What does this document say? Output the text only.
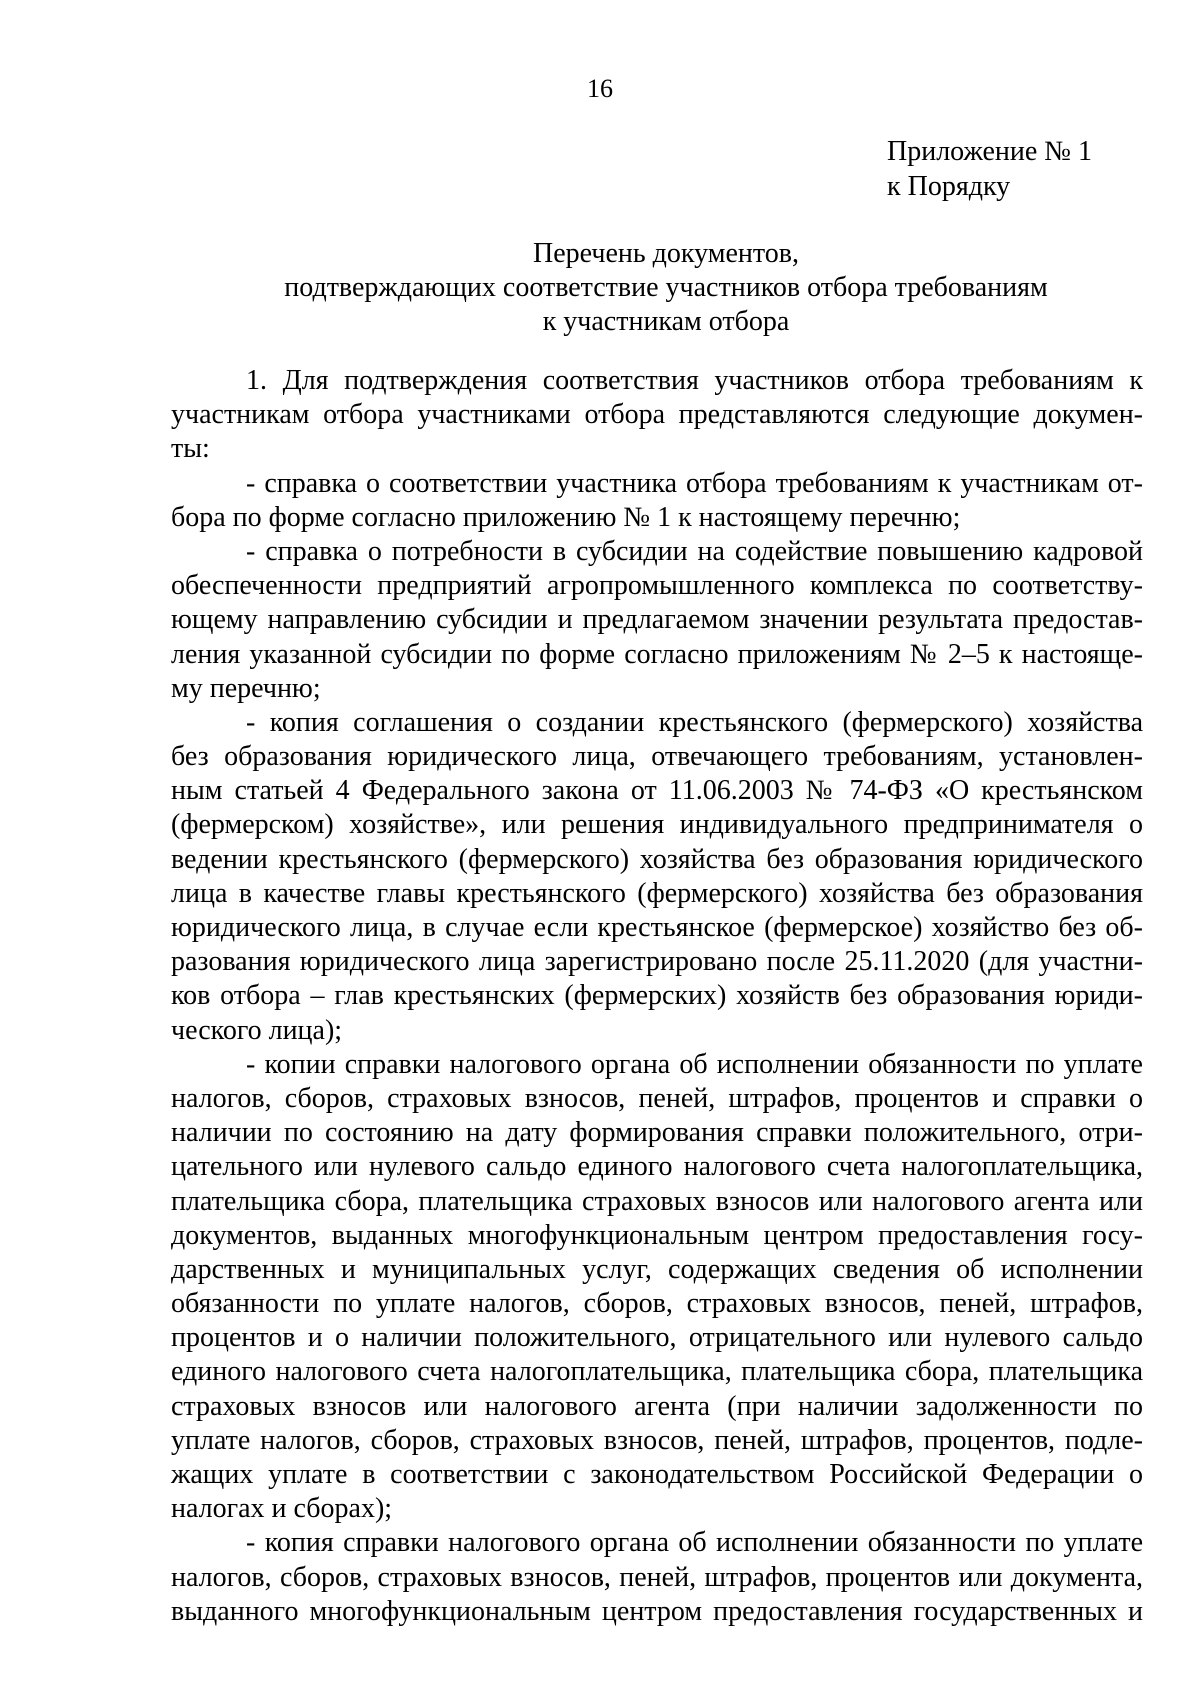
16
Приложение № 1
к Порядку
Перечень документов,
подтверждающих соответствие участников отбора требованиям
к участникам отбора
1. Для подтверждения соответствия участников отбора требованиям к
участникам отбора участниками отбора представляются следующие докумен-
ты:
- справка о соответствии участника отбора требованиям к участникам от-
бора по форме согласно приложению № 1 к настоящему перечню;
- справка о потребности в субсидии на содействие повышению кадровой
обеспеченности предприятий агропромышленного комплекса по соответству-
ющему направлению субсидии и предлагаемом значении результата предостав-
ления указанной субсидии по форме согласно приложениям № 2–5 к настояще-
му перечню;
- копия соглашения о создании крестьянского (фермерского) хозяйства
без образования юридического лица, отвечающего требованиям, установлен-
ным статьей 4 Федерального закона от 11.06.2003 № 74-ФЗ «О крестьянском
(фермерском) хозяйстве», или решения индивидуального предпринимателя о
ведении крестьянского (фермерского) хозяйства без образования юридического
лица в качестве главы крестьянского (фермерского) хозяйства без образования
юридического лица, в случае если крестьянское (фермерское) хозяйство без об-
разования юридического лица зарегистрировано после 25.11.2020 (для участни-
ков отбора – глав крестьянских (фермерских) хозяйств без образования юриди-
ческого лица);
- копии справки налогового органа об исполнении обязанности по уплате
налогов, сборов, страховых взносов, пеней, штрафов, процентов и справки о
наличии по состоянию на дату формирования справки положительного, отри-
цательного или нулевого сальдо единого налогового счета налогоплательщика,
плательщика сбора, плательщика страховых взносов или налогового агента или
документов, выданных многофункциональным центром предоставления госу-
дарственных и муниципальных услуг, содержащих сведения об исполнении
обязанности по уплате налогов, сборов, страховых взносов, пеней, штрафов,
процентов и о наличии положительного, отрицательного или нулевого сальдо
единого налогового счета налогоплательщика, плательщика сбора, плательщика
страховых взносов или налогового агента (при наличии задолженности по
уплате налогов, сборов, страховых взносов, пеней, штрафов, процентов, подле-
жащих уплате в соответствии с законодательством Российской Федерации о
налогах и сборах);
- копия справки налогового органа об исполнении обязанности по уплате
налогов, сборов, страховых взносов, пеней, штрафов, процентов или документа,
выданного многофункциональным центром предоставления государственных и
